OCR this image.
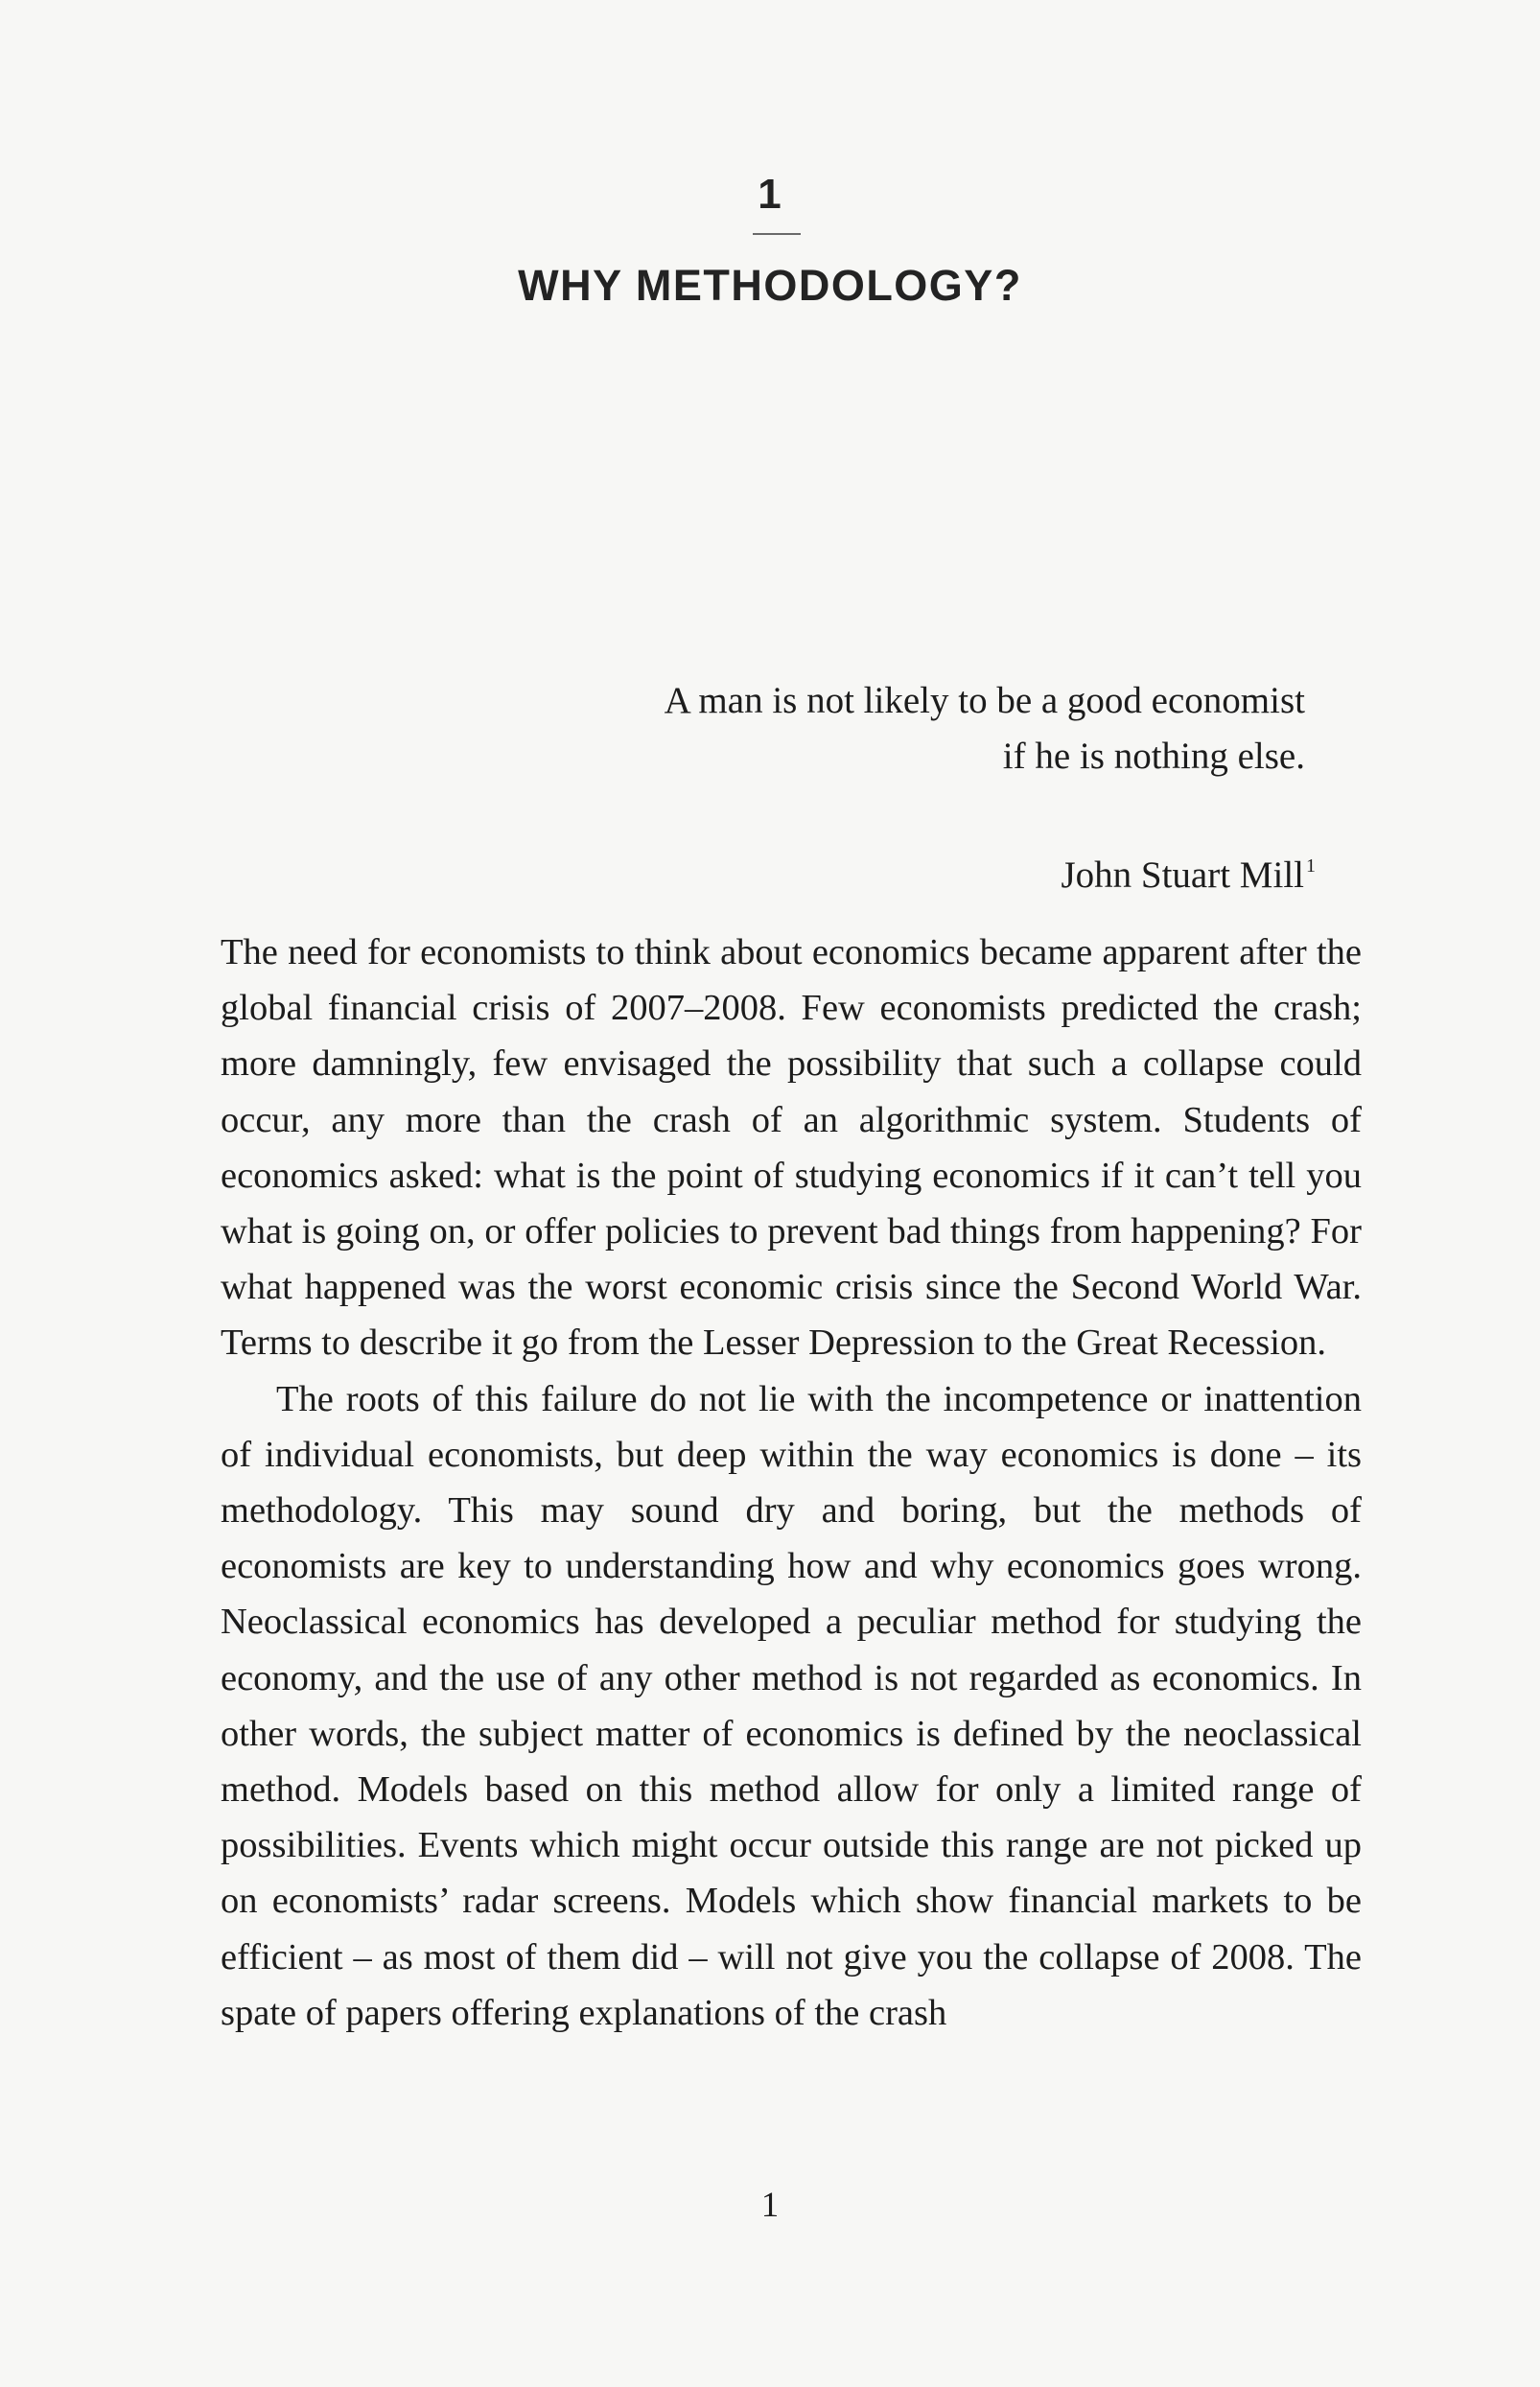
1
WHY METHODOLOGY?
A man is not likely to be a good economist
if he is nothing else.
John Stuart Mill $^1$

The need for economists to think about economics became apparent after the global financial crisis of 2007–2008. Few economists predicted the crash; more damningly, few envisaged the possibility that such a collapse could occur, any more than the crash of an algorithmic system. Students of economics asked: what is the point of studying economics if it can’t tell you what is going on, or offer policies to prevent bad things from happening? For what happened was the worst economic crisis since the Second World War. Terms to describe it go from the Lesser Depression to the Great Recession.

The roots of this failure do not lie with the incompetence or inattention of individual economists, but deep within the way economics is done – its methodology. This may sound dry and boring, but the methods of economists are key to understanding how and why economics goes wrong. Neoclassical economics has developed a peculiar method for studying the economy, and the use of any other method is not regarded as economics. In other words, the subject matter of economics is defined by the neoclassical method. Models based on this method allow for only a limited range of possibilities. Events which might occur outside this range are not picked up on economists’ radar screens. Models which show financial markets to be efficient – as most of them did – will not give you the collapse of 2008. The spate of papers offering explanations of the crash

1
